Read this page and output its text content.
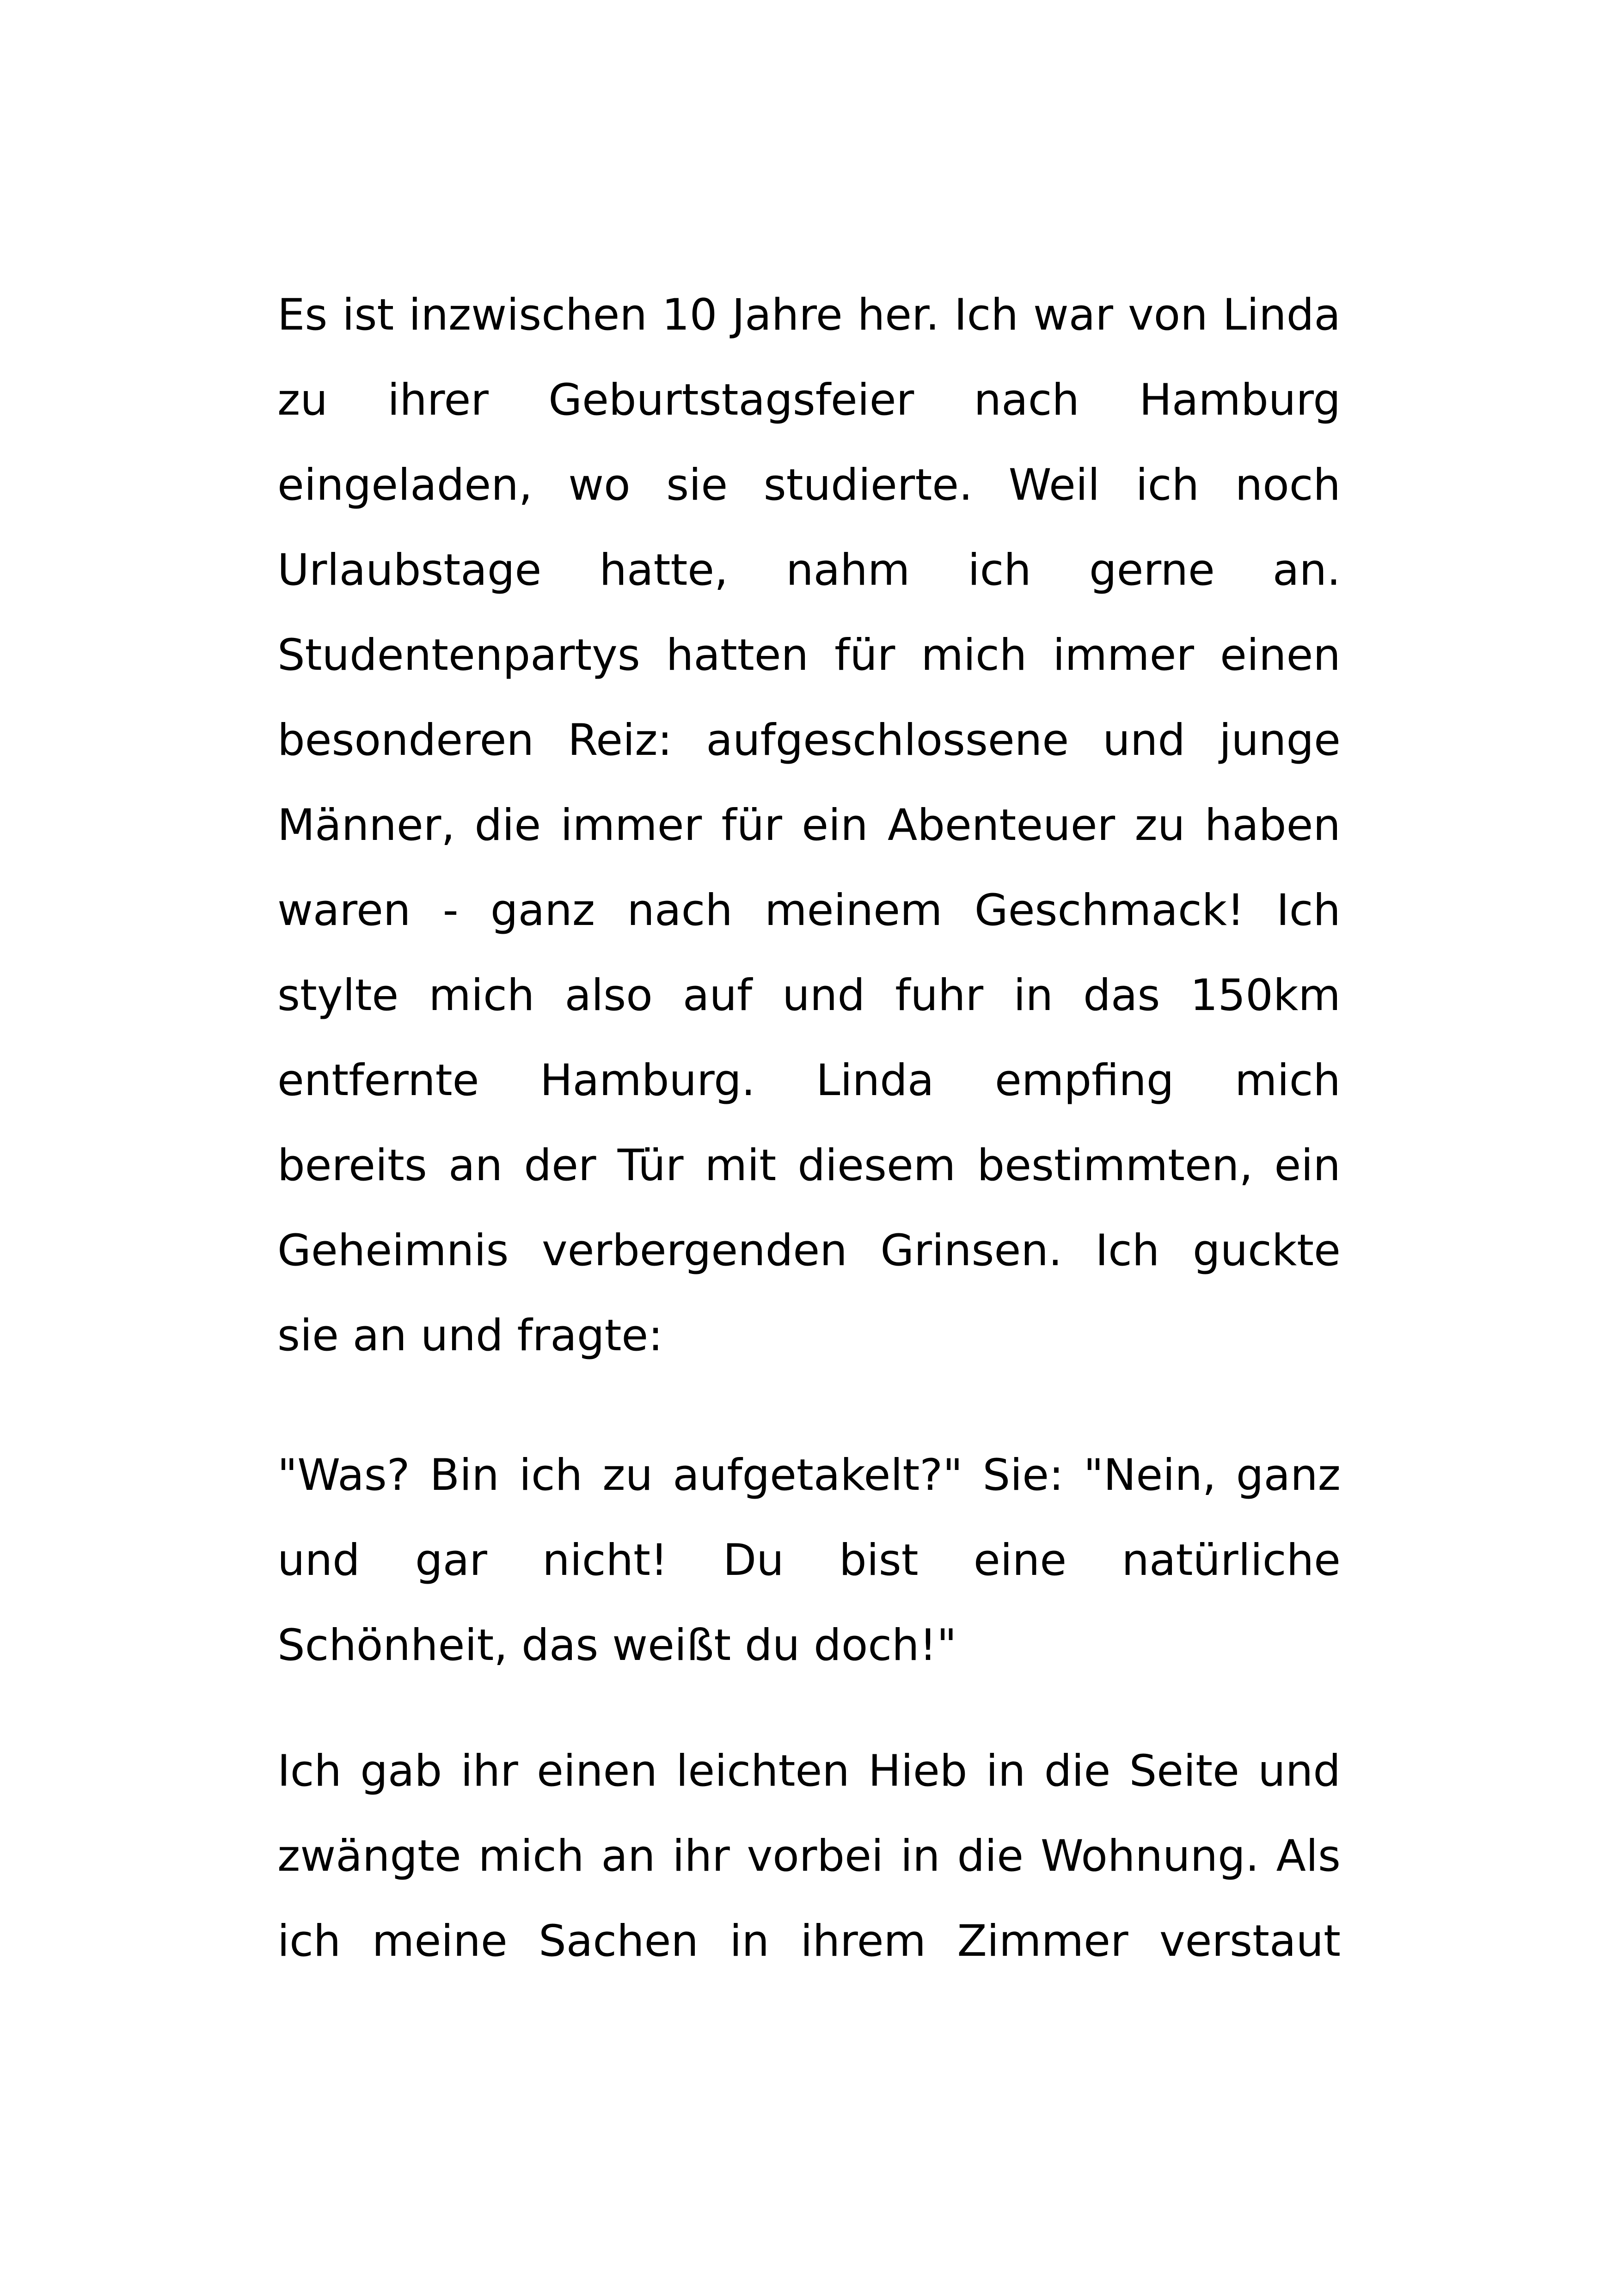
Es ist inzwischen 10 Jahre her. Ich war von Linda
zu ihrer Geburtstagsfeier nach Hamburg
eingeladen, wo sie studierte. Weil ich noch
Urlaubstage hatte, nahm ich gerne an.
Studentenpartys hatten für mich immer einen
besonderen Reiz: aufgeschlossene und junge
Männer, die immer für ein Abenteuer zu haben
waren - ganz nach meinem Geschmack! Ich
stylte mich also auf und fuhr in das 150km
entfernte Hamburg. Linda empfing mich
bereits an der Tür mit diesem bestimmten, ein
Geheimnis verbergenden Grinsen. Ich guckte
sie an und fragte:
"Was? Bin ich zu aufgetakelt?" Sie: "Nein, ganz
und gar nicht! Du bist eine natürliche
Schönheit, das weißt du doch!"
Ich gab ihr einen leichten Hieb in die Seite und
zwängte mich an ihr vorbei in die Wohnung. Als
ich meine Sachen in ihrem Zimmer verstaut
